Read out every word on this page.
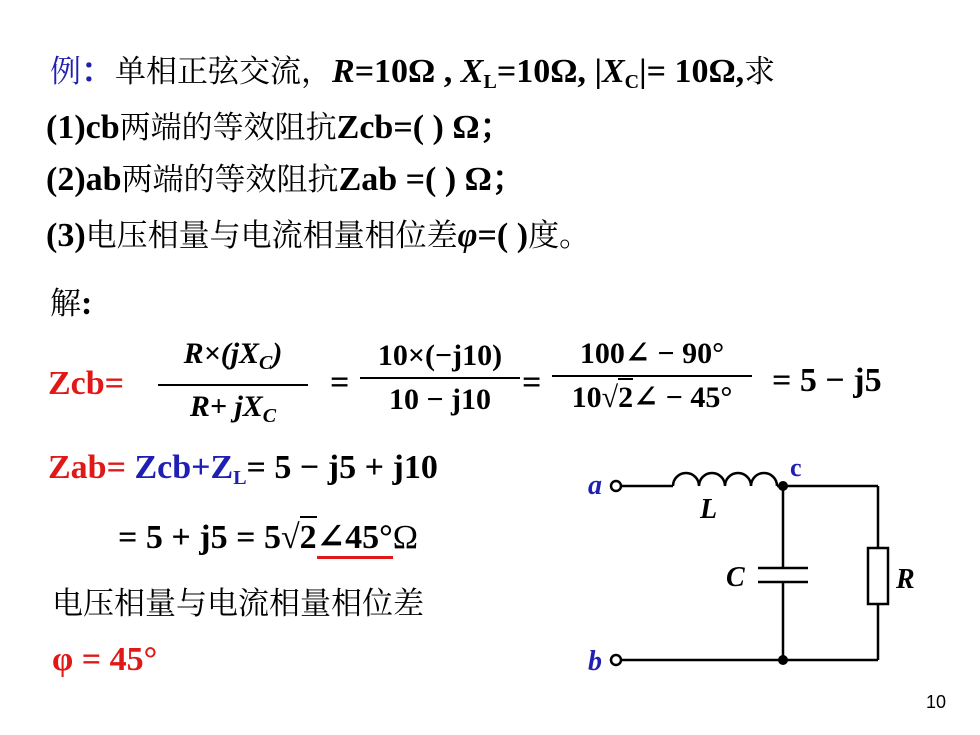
例：单相正弦交流，R=10Ω , $X_L=10\Omega$, $|X_C|= 10\Omega$,求
(1)cb两端的等效阻抗Zcb=( ) Ω；
(2)ab两端的等效阻抗Zab =( ) Ω；
(3)电压相量与电流相量相位差φ=( )度。
解:
Zcb=
$R\times(jX_C)$
$R+ jX_C$
=
10×(−j10)
10 − j10 =
100∠ − 90°
10√2∠ − 45°	= 5 − j5
$Zab= Zcb+Z_L= 5 - j5 + j10$
= 5 + j5 = 5√2∠45°Ω
电压相量与电流相量相位差
φ = 45°
a
b
c
L
C	R
10
